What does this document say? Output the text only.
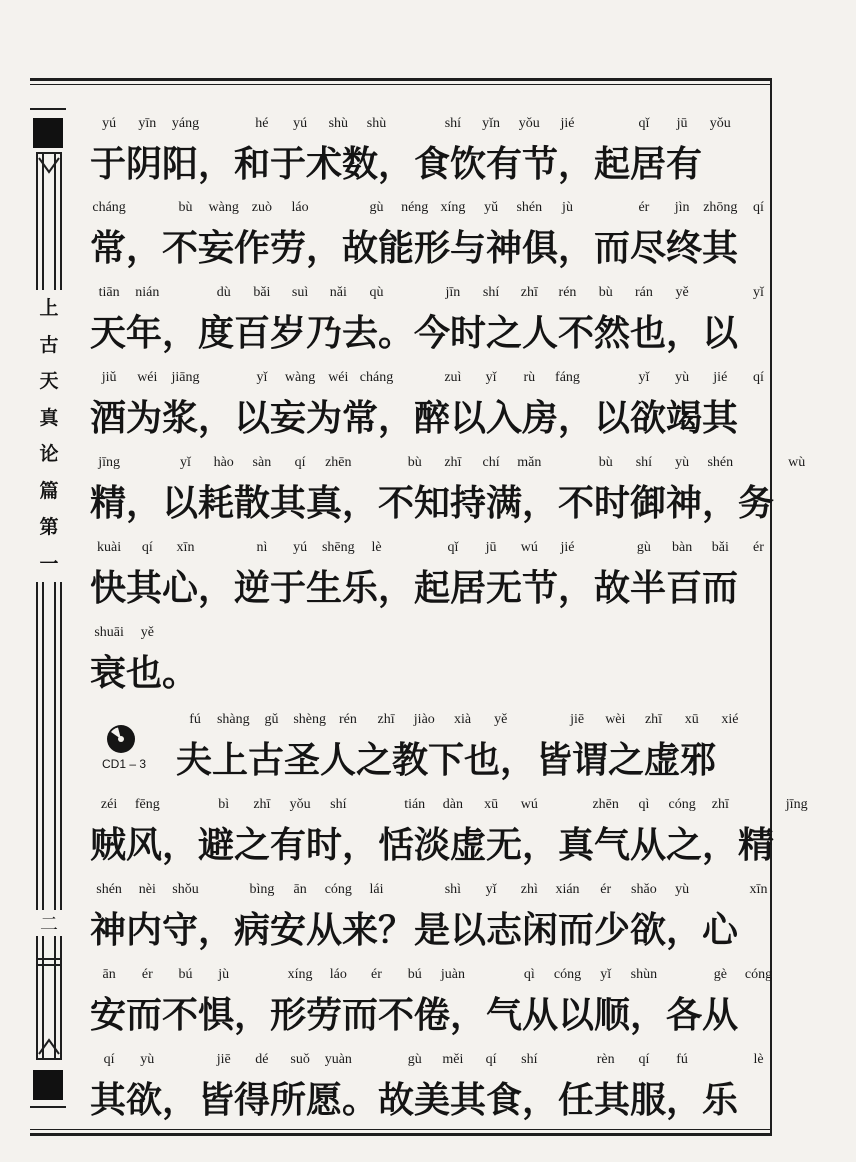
上
古
天
真
论
篇
第
一
二
CD1 – 3
于阴阳，和于术数，食饮有节，起居有
yú yīn yáng	hé yú shù shù	shí yǐn yǒu jié	qǐ jū yǒu
常，不妄作劳，故能形与神俱，而尽终其
cháng	bù wàng zuò láo	gù néng xíng yǔ shén jù	ér jìn zhōng qí
天年，度百岁乃去。今时之人不然也，以
tiān nián	dù bǎi suì nǎi qù	jīn shí zhī rén bù rán yě	yǐ
酒为浆，以妄为常，醉以入房，以欲竭其
jiǔ wéi jiāng	yǐ wàng wéi cháng	zuì yǐ rù fáng	yǐ yù jié qí
精，以耗散其真，不知持满，不时御神，务
jīng	yǐ hào sàn qí zhēn	bù zhī chí mǎn	bù shí yù shén	wù
快其心，逆于生乐，起居无节，故半百而
kuài qí xīn	nì yú shēng lè	qǐ jū wú jié	gù bàn bǎi ér
衰也。
shuāi yě
夫上古圣人之教下也，皆谓之虚邪
fú shàng gǔ shèng rén zhī jiào xià yě	jiē wèi zhī xū xié
贼风，避之有时，恬淡虚无，真气从之，精
zéi fēng	bì zhī yǒu shí	tián dàn xū wú	zhēn qì cóng zhī	jīng
神内守，病安从来？是以志闲而少欲，心
shén nèi shǒu	bìng ān cóng lái	shì yǐ zhì xián ér shǎo yù	xīn
安而不惧，形劳而不倦，气从以顺，各从
ān ér bú jù	xíng láo ér bú juàn	qì cóng yǐ shùn	gè cóng
其欲，皆得所愿。故美其食，任其服，乐
qí yù	jiē dé suǒ yuàn	gù měi qí shí	rèn qí fú	lè
